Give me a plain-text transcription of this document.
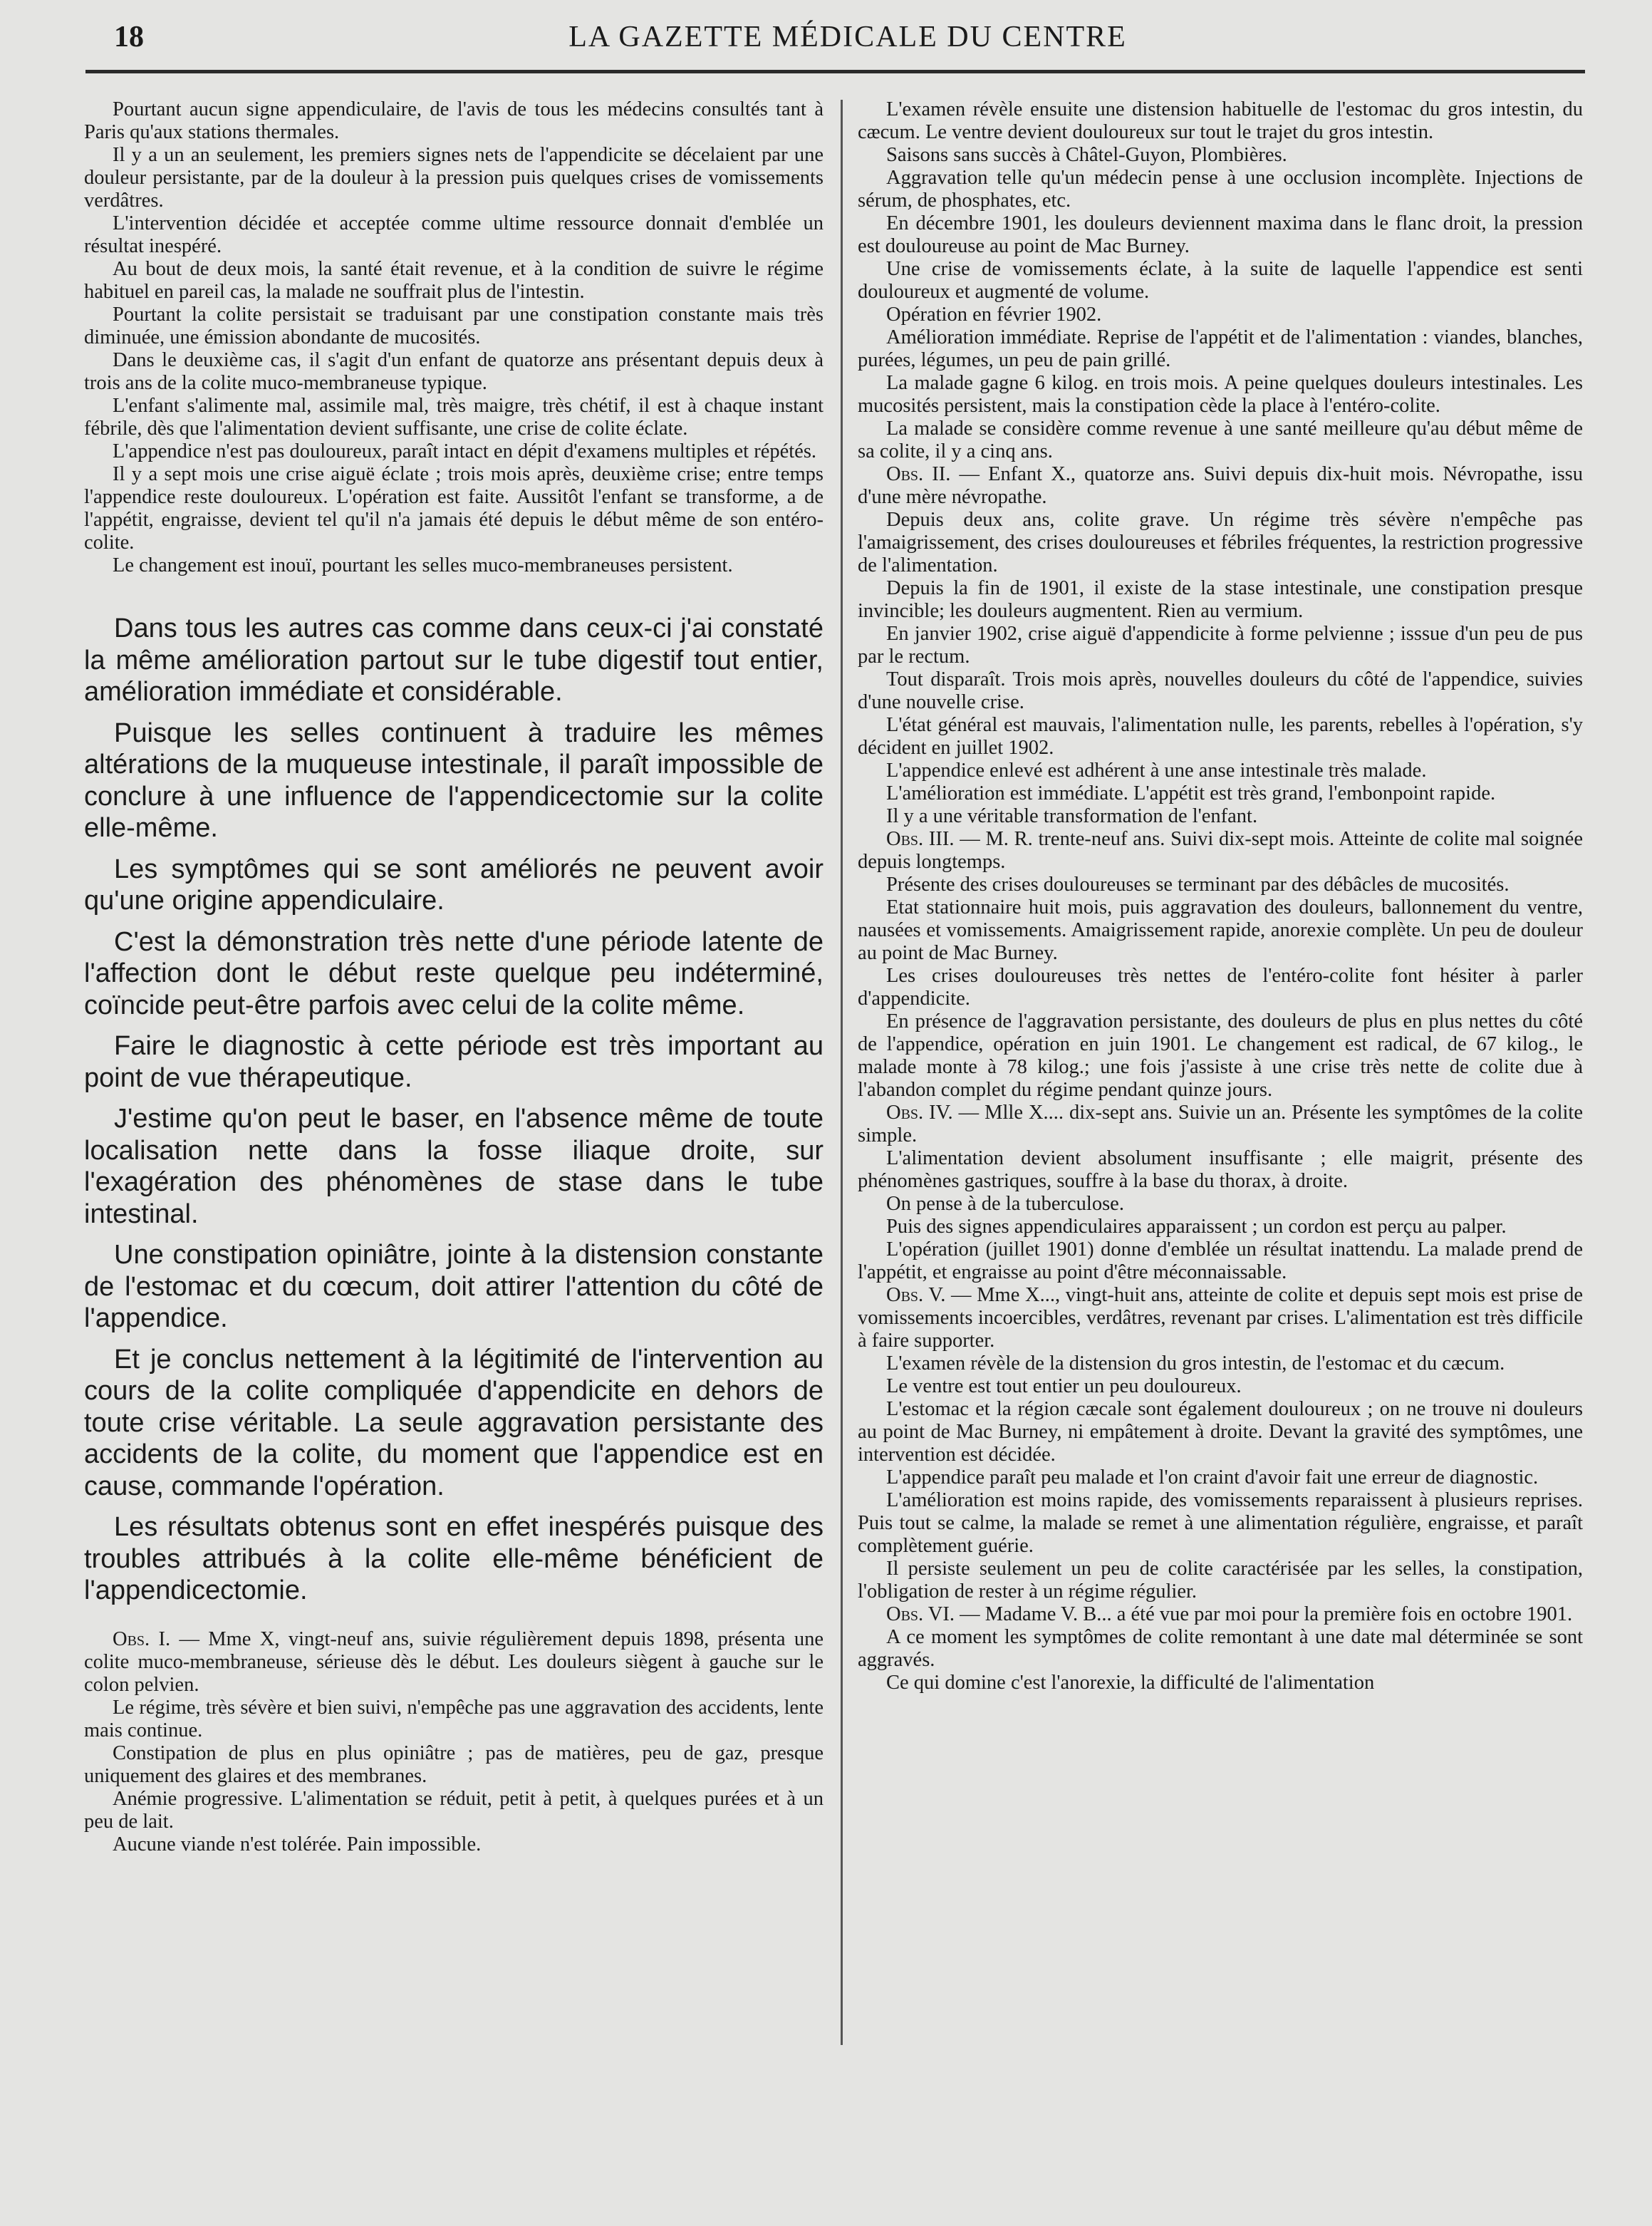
18	LA GAZETTE MÉDICALE DU CENTRE

Pourtant aucun signe appendiculaire, de l'avis de tous les médecins consultés tant à Paris qu'aux stations thermales.

Il y a un an seulement, les premiers signes nets de l'appendicite se décelaient par une douleur persistante, par de la douleur à la pression puis quelques crises de vomissements verdâtres.

L'intervention décidée et acceptée comme ultime ressource donnait d'emblée un résultat inespéré.

Au bout de deux mois, la santé était revenue, et à la condition de suivre le régime habituel en pareil cas, la malade ne souffrait plus de l'intestin.

Pourtant la colite persistait se traduisant par une constipation constante mais très diminuée, une émission abondante de mucosités.

Dans le deuxième cas, il s'agit d'un enfant de quatorze ans présentant depuis deux à trois ans de la colite muco-membraneuse typique.

L'enfant s'alimente mal, assimile mal, très maigre, très chétif, il est à chaque instant fébrile, dès que l'alimentation devient suffisante, une crise de colite éclate.

L'appendice n'est pas douloureux, paraît intact en dépit d'examens multiples et répétés.

Il y a sept mois une crise aiguë éclate ; trois mois après, deuxième crise; entre temps l'appendice reste douloureux. L'opération est faite. Aussitôt l'enfant se transforme, a de l'appétit, engraisse, devient tel qu'il n'a jamais été depuis le début même de son entéro-colite.

Le changement est inouï, pourtant les selles muco-membraneuses persistent.

Dans tous les autres cas comme dans ceux-ci j'ai constaté la même amélioration partout sur le tube digestif tout entier, amélioration immédiate et considérable.

Puisque les selles continuent à traduire les mêmes altérations de la muqueuse intestinale, il paraît impossible de conclure à une influence de l'appendicectomie sur la colite elle-même.

Les symptômes qui se sont améliorés ne peuvent avoir qu'une origine appendiculaire.

C'est la démonstration très nette d'une période latente de l'affection dont le début reste quelque peu indéterminé, coïncide peut-être parfois avec celui de la colite même.

Faire le diagnostic à cette période est très important au point de vue thérapeutique.

J'estime qu'on peut le baser, en l'absence même de toute localisation nette dans la fosse iliaque droite, sur l'exagération des phénomènes de stase dans le tube intestinal.

Une constipation opiniâtre, jointe à la distension constante de l'estomac et du cœcum, doit attirer l'attention du côté de l'appendice.

Et je conclus nettement à la légitimité de l'intervention au cours de la colite compliquée d'appendicite en dehors de toute crise véritable. La seule aggravation persistante des accidents de la colite, du moment que l'appendice est en cause, commande l'opération.

Les résultats obtenus sont en effet inespérés puisque des troubles attribués à la colite elle-même bénéficient de l'appendicectomie.

Obs. I. — Mme X, vingt-neuf ans, suivie régulièrement depuis 1898, présenta une colite muco-membraneuse, sérieuse dès le début. Les douleurs siègent à gauche sur le colon pelvien.

Le régime, très sévère et bien suivi, n'empêche pas une aggravation des accidents, lente mais continue.

Constipation de plus en plus opiniâtre ; pas de matières, peu de gaz, presque uniquement des glaires et des membranes.

Anémie progressive. L'alimentation se réduit, petit à petit, à quelques purées et à un peu de lait.

Aucune viande n'est tolérée. Pain impossible.

L'examen révèle ensuite une distension habituelle de l'estomac du gros intestin, du cæcum. Le ventre devient douloureux sur tout le trajet du gros intestin.

Saisons sans succès à Châtel-Guyon, Plombières.

Aggravation telle qu'un médecin pense à une occlusion incomplète. Injections de sérum, de phosphates, etc.

En décembre 1901, les douleurs deviennent maxima dans le flanc droit, la pression est douloureuse au point de Mac Burney.

Une crise de vomissements éclate, à la suite de laquelle l'appendice est senti douloureux et augmenté de volume.

Opération en février 1902.

Amélioration immédiate. Reprise de l'appétit et de l'alimentation : viandes, blanches, purées, légumes, un peu de pain grillé.

La malade gagne 6 kilog. en trois mois. A peine quelques douleurs intestinales. Les mucosités persistent, mais la constipation cède la place à l'entéro-colite.

La malade se considère comme revenue à une santé meilleure qu'au début même de sa colite, il y a cinq ans.

Obs. II. — Enfant X., quatorze ans. Suivi depuis dix-huit mois. Névropathe, issu d'une mère névropathe.

Depuis deux ans, colite grave. Un régime très sévère n'empêche pas l'amaigrissement, des crises douloureuses et fébriles fréquentes, la restriction progressive de l'alimentation.

Depuis la fin de 1901, il existe de la stase intestinale, une constipation presque invincible; les douleurs augmentent. Rien au vermium.

En janvier 1902, crise aiguë d'appendicite à forme pelvienne ; isssue d'un peu de pus par le rectum.

Tout disparaît. Trois mois après, nouvelles douleurs du côté de l'appendice, suivies d'une nouvelle crise.

L'état général est mauvais, l'alimentation nulle, les parents, rebelles à l'opération, s'y décident en juillet 1902.

L'appendice enlevé est adhérent à une anse intestinale très malade.

L'amélioration est immédiate. L'appétit est très grand, l'embonpoint rapide.

Il y a une véritable transformation de l'enfant.

Obs. III. — M. R. trente-neuf ans. Suivi dix-sept mois. Atteinte de colite mal soignée depuis longtemps.

Présente des crises douloureuses se terminant par des débâcles de mucosités.

Etat stationnaire huit mois, puis aggravation des douleurs, ballonnement du ventre, nausées et vomissements. Amaigrissement rapide, anorexie complète. Un peu de douleur au point de Mac Burney.

Les crises douloureuses très nettes de l'entéro-colite font hésiter à parler d'appendicite.

En présence de l'aggravation persistante, des douleurs de plus en plus nettes du côté de l'appendice, opération en juin 1901. Le changement est radical, de 67 kilog., le malade monte à 78 kilog.; une fois j'assiste à une crise très nette de colite due à l'abandon complet du régime pendant quinze jours.

Obs. IV. — Mlle X.... dix-sept ans. Suivie un an. Présente les symptômes de la colite simple.

L'alimentation devient absolument insuffisante ; elle maigrit, présente des phénomènes gastriques, souffre à la base du thorax, à droite.

On pense à de la tuberculose.

Puis des signes appendiculaires apparaissent ; un cordon est perçu au palper.

L'opération (juillet 1901) donne d'emblée un résultat inattendu. La malade prend de l'appétit, et engraisse au point d'être méconnaissable.

Obs. V. — Mme X..., vingt-huit ans, atteinte de colite et depuis sept mois est prise de vomissements incoercibles, verdâtres, revenant par crises. L'alimentation est très difficile à faire supporter.

L'examen révèle de la distension du gros intestin, de l'estomac et du cæcum.

Le ventre est tout entier un peu douloureux.

L'estomac et la région cæcale sont également douloureux ; on ne trouve ni douleurs au point de Mac Burney, ni empâtement à droite. Devant la gravité des symptômes, une intervention est décidée.

L'appendice paraît peu malade et l'on craint d'avoir fait une erreur de diagnostic.

L'amélioration est moins rapide, des vomissements reparaissent à plusieurs reprises. Puis tout se calme, la malade se remet à une alimentation régulière, engraisse, et paraît complètement guérie.

Il persiste seulement un peu de colite caractérisée par les selles, la constipation, l'obligation de rester à un régime régulier.

Obs. VI. — Madame V. B... a été vue par moi pour la première fois en octobre 1901.

A ce moment les symptômes de colite remontant à une date mal déterminée se sont aggravés.

Ce qui domine c'est l'anorexie, la difficulté de l'alimentation
